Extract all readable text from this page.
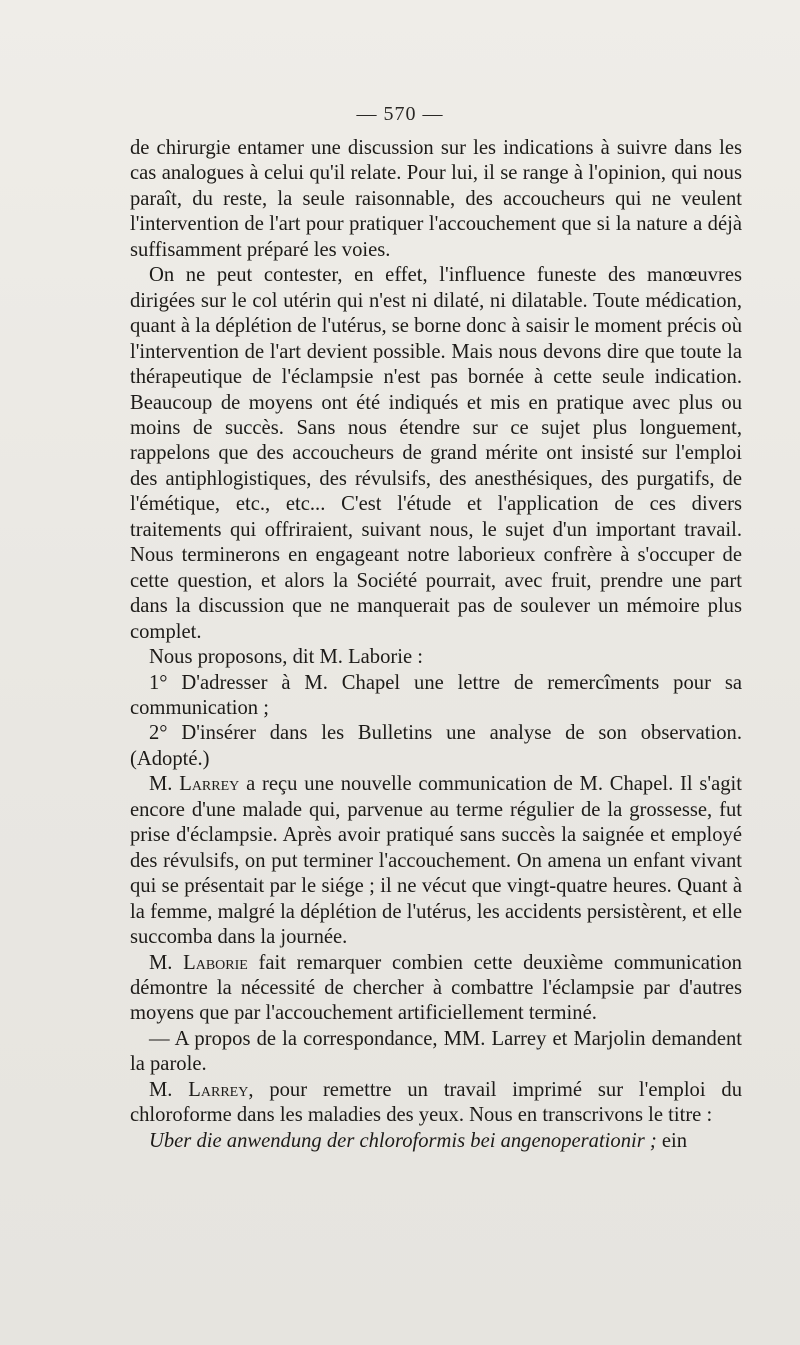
— 570 —

de chirurgie entamer une discussion sur les indications à suivre dans les cas analogues à celui qu'il relate. Pour lui, il se range à l'opinion, qui nous paraît, du reste, la seule raisonnable, des accoucheurs qui ne veulent l'intervention de l'art pour pratiquer l'accouchement que si la nature a déjà suffisamment préparé les voies.

On ne peut contester, en effet, l'influence funeste des manœuvres dirigées sur le col utérin qui n'est ni dilaté, ni dilatable. Toute médication, quant à la déplétion de l'utérus, se borne donc à saisir le moment précis où l'intervention de l'art devient possible. Mais nous devons dire que toute la thérapeutique de l'éclampsie n'est pas bornée à cette seule indication. Beaucoup de moyens ont été indiqués et mis en pratique avec plus ou moins de succès. Sans nous étendre sur ce sujet plus longuement, rappelons que des accoucheurs de grand mérite ont insisté sur l'emploi des antiphlogistiques, des révulsifs, des anesthésiques, des purgatifs, de l'émétique, etc., etc... C'est l'étude et l'application de ces divers traitements qui offriraient, suivant nous, le sujet d'un important travail. Nous terminerons en engageant notre laborieux confrère à s'occuper de cette question, et alors la Société pourrait, avec fruit, prendre une part dans la discussion que ne manquerait pas de soulever un mémoire plus complet.

Nous proposons, dit M. Laborie :

1° D'adresser à M. Chapel une lettre de remercîments pour sa communication ;

2° D'insérer dans les Bulletins une analyse de son observation. (Adopté.)

M. Larrey a reçu une nouvelle communication de M. Chapel. Il s'agit encore d'une malade qui, parvenue au terme régulier de la grossesse, fut prise d'éclampsie. Après avoir pratiqué sans succès la saignée et employé des révulsifs, on put terminer l'accouchement. On amena un enfant vivant qui se présentait par le siége ; il ne vécut que vingt-quatre heures. Quant à la femme, malgré la déplétion de l'utérus, les accidents persistèrent, et elle succomba dans la journée.

M. Laborie fait remarquer combien cette deuxième communication démontre la nécessité de chercher à combattre l'éclampsie par d'autres moyens que par l'accouchement artificiellement terminé.

— A propos de la correspondance, MM. Larrey et Marjolin demandent la parole.

M. Larrey, pour remettre un travail imprimé sur l'emploi du chloroforme dans les maladies des yeux. Nous en transcrivons le titre :

Uber die anwendung der chloroformis bei angenoperationir ; ein
